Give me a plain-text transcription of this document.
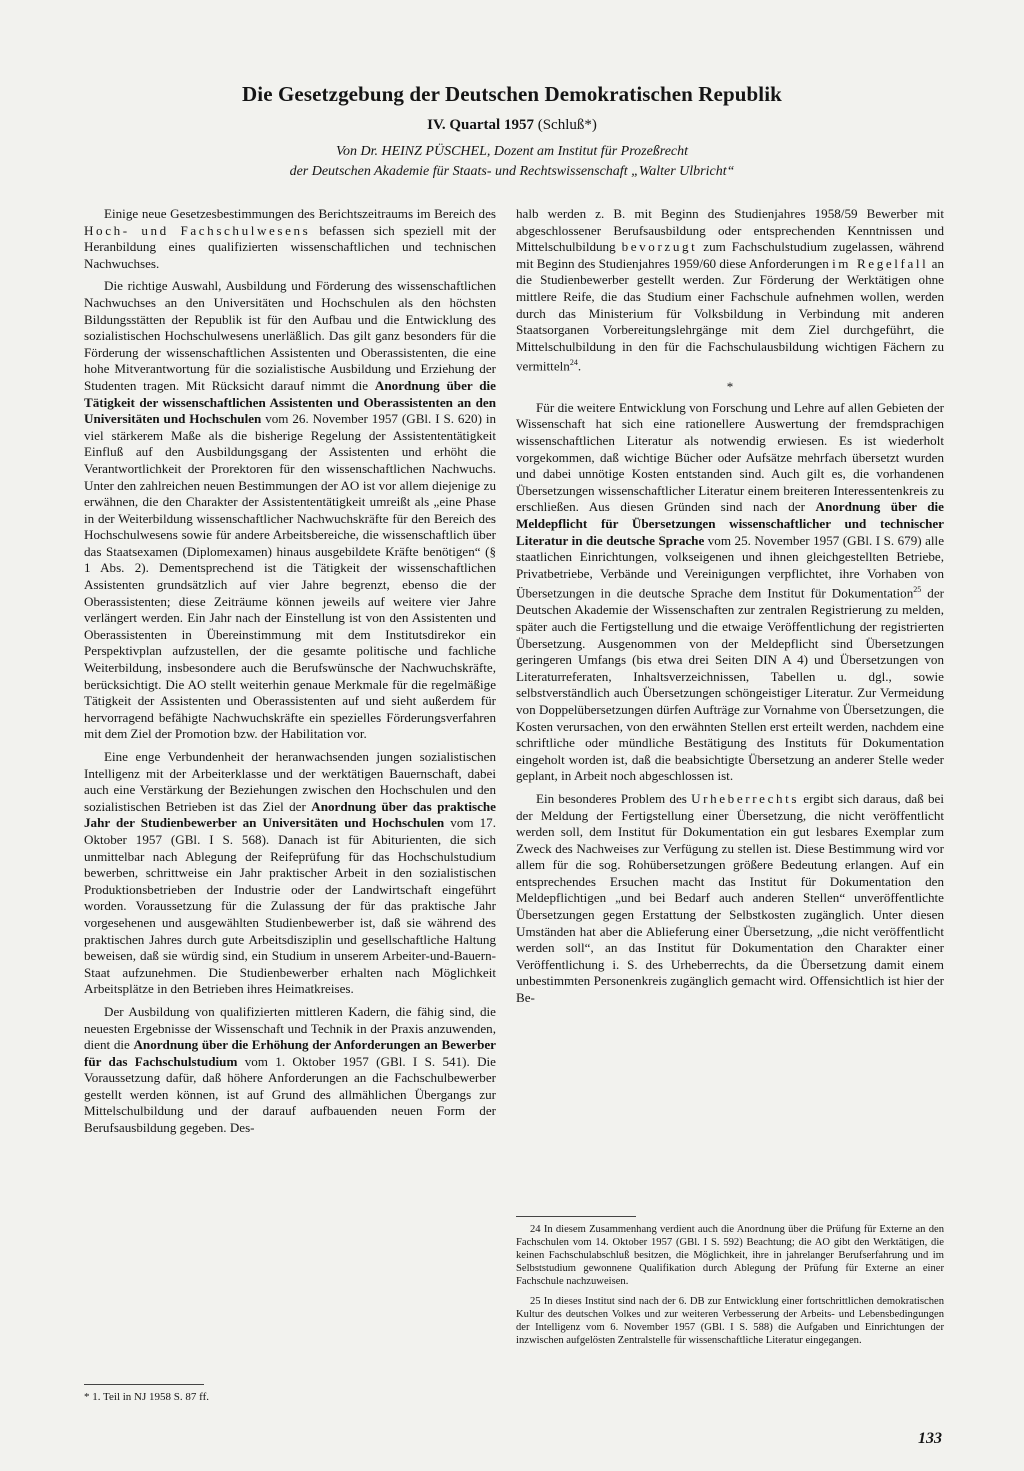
Die Gesetzgebung der Deutschen Demokratischen Republik
IV. Quartal 1957 (Schluß*)
Von Dr. HEINZ PÜSCHEL, Dozent am Institut für Prozeßrecht
der Deutschen Akademie für Staats- und Rechtswissenschaft „Walter Ulbricht“

Einige neue Gesetzesbestimmungen des Berichtszeitraums im Bereich des Hoch- und Fachschulwesens befassen sich speziell mit der Heranbildung eines qualifizierten wissenschaftlichen und technischen Nachwuchses.

Die richtige Auswahl, Ausbildung und Förderung des wissenschaftlichen Nachwuchses an den Universitäten und Hochschulen als den höchsten Bildungsstätten der Republik ist für den Aufbau und die Entwicklung des sozialistischen Hochschulwesens unerläßlich. Das gilt ganz besonders für die Förderung der wissenschaftlichen Assistenten und Oberassistenten, die eine hohe Mitverantwortung für die sozialistische Ausbildung und Erziehung der Studenten tragen. Mit Rücksicht darauf nimmt die Anordnung über die Tätigkeit der wissenschaftlichen Assistenten und Oberassistenten an den Universitäten und Hochschulen vom 26. November 1957 (GBl. I S. 620) in viel stärkerem Maße als die bisherige Regelung der Assistententätigkeit Einfluß auf den Ausbildungsgang der Assistenten und erhöht die Verantwortlichkeit der Prorektoren für den wissenschaftlichen Nachwuchs. Unter den zahlreichen neuen Bestimmungen der AO ist vor allem diejenige zu erwähnen, die den Charakter der Assistententätigkeit umreißt als „eine Phase in der Weiterbildung wissenschaftlicher Nachwuchskräfte für den Bereich des Hochschulwesens sowie für andere Arbeitsbereiche, die wissenschaftlich über das Staatsexamen (Diplomexamen) hinaus ausgebildete Kräfte benötigen“ (§ 1 Abs. 2). Dementsprechend ist die Tätigkeit der wissenschaftlichen Assistenten grundsätzlich auf vier Jahre begrenzt, ebenso die der Oberassistenten; diese Zeiträume können jeweils auf weitere vier Jahre verlängert werden. Ein Jahr nach der Einstellung ist von den Assistenten und Oberassistenten in Übereinstimmung mit dem Institutsdirekor ein Perspektivplan aufzustellen, der die gesamte politische und fachliche Weiterbildung, insbesondere auch die Berufswünsche der Nachwuchskräfte, berücksichtigt. Die AO stellt weiterhin genaue Merkmale für die regelmäßige Tätigkeit der Assistenten und Oberassistenten auf und sieht außerdem für hervorragend befähigte Nachwuchskräfte ein spezielles Förderungsverfahren mit dem Ziel der Promotion bzw. der Habilitation vor.

Eine enge Verbundenheit der heranwachsenden jungen sozialistischen Intelligenz mit der Arbeiterklasse und der werktätigen Bauernschaft, dabei auch eine Verstärkung der Beziehungen zwischen den Hochschulen und den sozialistischen Betrieben ist das Ziel der Anordnung über das praktische Jahr der Studienbewerber an Universitäten und Hochschulen vom 17. Oktober 1957 (GBl. I S. 568). Danach ist für Abiturienten, die sich unmittelbar nach Ablegung der Reifeprüfung für das Hochschulstudium bewerben, schrittweise ein Jahr praktischer Arbeit in den sozialistischen Produktionsbetrieben der Industrie oder der Landwirtschaft eingeführt worden. Voraussetzung für die Zulassung der für das praktische Jahr vorgesehenen und ausgewählten Studienbewerber ist, daß sie während des praktischen Jahres durch gute Arbeitsdisziplin und gesellschaftliche Haltung beweisen, daß sie würdig sind, ein Studium in unserem Arbeiter-und-Bauern-Staat aufzunehmen. Die Studienbewerber erhalten nach Möglichkeit Arbeitsplätze in den Betrieben ihres Heimatkreises.

Der Ausbildung von qualifizierten mittleren Kadern, die fähig sind, die neuesten Ergebnisse der Wissenschaft und Technik in der Praxis anzuwenden, dient die Anordnung über die Erhöhung der Anforderungen an Bewerber für das Fachschulstudium vom 1. Oktober 1957 (GBl. I S. 541). Die Voraussetzung dafür, daß höhere Anforderungen an die Fachschulbewerber gestellt werden können, ist auf Grund des allmählichen Übergangs zur Mittelschulbildung und der darauf aufbauenden neuen Form der Berufsausbildung gegeben. Des-

halb werden z. B. mit Beginn des Studienjahres 1958/59 Bewerber mit abgeschlossener Berufsausbildung oder entsprechenden Kenntnissen und Mittelschulbildung bevorzugt zum Fachschulstudium zugelassen, während mit Beginn des Studienjahres 1959/60 diese Anforderungen im Regelfall an die Studienbewerber gestellt werden. Zur Förderung der Werktätigen ohne mittlere Reife, die das Studium einer Fachschule aufnehmen wollen, werden durch das Ministerium für Volksbildung in Verbindung mit anderen Staatsorganen Vorbereitungslehrgänge mit dem Ziel durchgeführt, die Mittelschulbildung in den für die Fachschulausbildung wichtigen Fächern zu vermitteln$^{24}$.

*

Für die weitere Entwicklung von Forschung und Lehre auf allen Gebieten der Wissenschaft hat sich eine rationellere Auswertung der fremdsprachigen wissenschaftlichen Literatur als notwendig erwiesen. Es ist wiederholt vorgekommen, daß wichtige Bücher oder Aufsätze mehrfach übersetzt wurden und dabei unnötige Kosten entstanden sind. Auch gilt es, die vorhandenen Übersetzungen wissenschaftlicher Literatur einem breiteren Interessentenkreis zu erschließen. Aus diesen Gründen sind nach der Anordnung über die Meldepflicht für Übersetzungen wissenschaftlicher und technischer Literatur in die deutsche Sprache vom 25. November 1957 (GBl. I S. 679) alle staatlichen Einrichtungen, volkseigenen und ihnen gleichgestellten Betriebe, Privatbetriebe, Verbände und Vereinigungen verpflichtet, ihre Vorhaben von Übersetzungen in die deutsche Sprache dem Institut für Dokumentation$^{25}$ der Deutschen Akademie der Wissenschaften zur zentralen Registrierung zu melden, später auch die Fertigstellung und die etwaige Veröffentlichung der registrierten Übersetzung. Ausgenommen von der Meldepflicht sind Übersetzungen geringeren Umfangs (bis etwa drei Seiten DIN A 4) und Übersetzungen von Literaturreferaten, Inhaltsverzeichnissen, Tabellen u. dgl., sowie selbstverständlich auch Übersetzungen schöngeistiger Literatur. Zur Vermeidung von Doppelübersetzungen dürfen Aufträge zur Vornahme von Übersetzungen, die Kosten verursachen, von den erwähnten Stellen erst erteilt werden, nachdem eine schriftliche oder mündliche Bestätigung des Instituts für Dokumentation eingeholt worden ist, daß die beabsichtigte Übersetzung an anderer Stelle weder geplant, in Arbeit noch abgeschlossen ist.

Ein besonderes Problem des Urheberrechts ergibt sich daraus, daß bei der Meldung der Fertigstellung einer Übersetzung, die nicht veröffentlicht werden soll, dem Institut für Dokumentation ein gut lesbares Exemplar zum Zweck des Nachweises zur Verfügung zu stellen ist. Diese Bestimmung wird vor allem für die sog. Rohübersetzungen größere Bedeutung erlangen. Auf ein entsprechendes Ersuchen macht das Institut für Dokumentation den Meldepflichtigen „und bei Bedarf auch anderen Stellen“ unveröffentlichte Übersetzungen gegen Erstattung der Selbstkosten zugänglich. Unter diesen Umständen hat aber die Ablieferung einer Übersetzung, „die nicht veröffentlicht werden soll“, an das Institut für Dokumentation den Charakter einer Veröffentlichung i. S. des Urheberrechts, da die Übersetzung damit einem unbestimmten Personenkreis zugänglich gemacht wird. Offensichtlich ist hier der Be-

* 1. Teil in NJ 1958 S. 87 ff.

24 In diesem Zusammenhang verdient auch die Anordnung über die Prüfung für Externe an den Fachschulen vom 14. Oktober 1957 (GBl. I S. 592) Beachtung; die AO gibt den Werktätigen, die keinen Fachschulabschluß besitzen, die Möglichkeit, ihre in jahrelanger Berufserfahrung und im Selbststudium gewonnene Qualifikation durch Ablegung der Prüfung für Externe an einer Fachschule nachzuweisen.

25 In dieses Institut sind nach der 6. DB zur Entwicklung einer fortschrittlichen demokratischen Kultur des deutschen Volkes und zur weiteren Verbesserung der Arbeits- und Lebensbedingungen der Intelligenz vom 6. November 1957 (GBl. I S. 588) die Aufgaben und Einrichtungen der inzwischen aufgelösten Zentralstelle für wissenschaftliche Literatur eingegangen.

133
